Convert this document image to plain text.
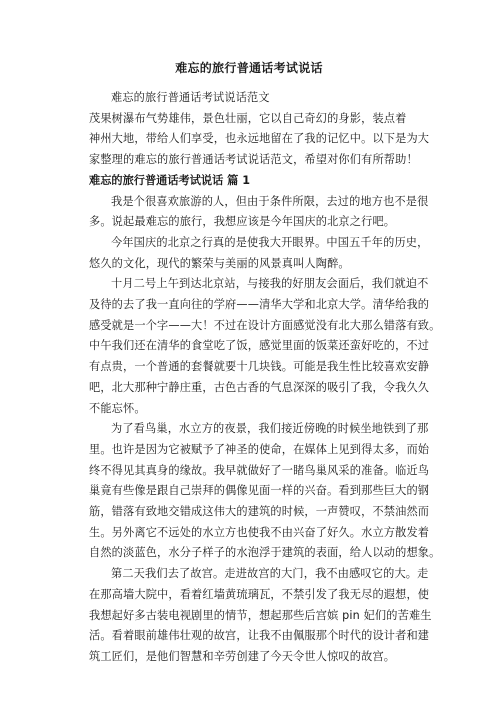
难忘的旅行普通话考试说话
难忘的旅行普通话考试说话范文
茂果树瀑布气势雄伟，景色壮丽，它以自己奇幻的身影，装点着
神州大地，带给人们享受，也永远地留在了我的记忆中。以下是为大
家整理的难忘的旅行普通话考试说话范文，希望对你们有所帮助！
难忘的旅行普通话考试说话 篇 1
我是个很喜欢旅游的人，但由于条件所限，去过的地方也不是很
多。说起最难忘的旅行，我想应该是今年国庆的北京之行吧。
今年国庆的北京之行真的是使我大开眼界。中国五千年的历史，
悠久的文化，现代的繁荣与美丽的风景真叫人陶醉。
十月二号上午到达北京站，与接我的好朋友会面后，我们就迫不
及待的去了我一直向往的学府——清华大学和北京大学。清华给我的
感受就是一个字——大！不过在设计方面感觉没有北大那么错落有致。
中午我们还在清华的食堂吃了饭，感觉里面的饭菜还蛮好吃的，不过
有点贵，一个普通的套餐就要十几块钱。可能是我生性比较喜欢安静
吧，北大那种宁静庄重，古色古香的气息深深的吸引了我，令我久久
不能忘怀。
为了看鸟巢，水立方的夜景，我们接近傍晚的时候坐地铁到了那
里。也许是因为它被赋予了神圣的使命，在媒体上见到得太多，而始
终不得见其真身的缘故。我早就做好了一睹鸟巢风采的准备。临近鸟
巢竟有些像是跟自己崇拜的偶像见面一样的兴奋。看到那些巨大的钢
筋，错落有致地交错成这伟大的建筑的时候，一声赞叹，不禁油然而
生。另外离它不远处的水立方也使我不由兴奋了好久。水立方散发着
自然的淡蓝色，水分子样子的水泡浮于建筑的表面，给人以动的想象。
第二天我们去了故宫。走进故宫的大门，我不由感叹它的大。走
在那高墙大院中，看着红墙黄琉璃瓦，不禁引发了我无尽的遐想，使
我想起好多古装电视剧里的情节，想起那些后宫嫔 pin 妃们的苦难生
活。看着眼前雄伟壮观的故宫，让我不由佩服那个时代的设计者和建
筑工匠们，是他们智慧和辛劳创建了今天令世人惊叹的故宫。
